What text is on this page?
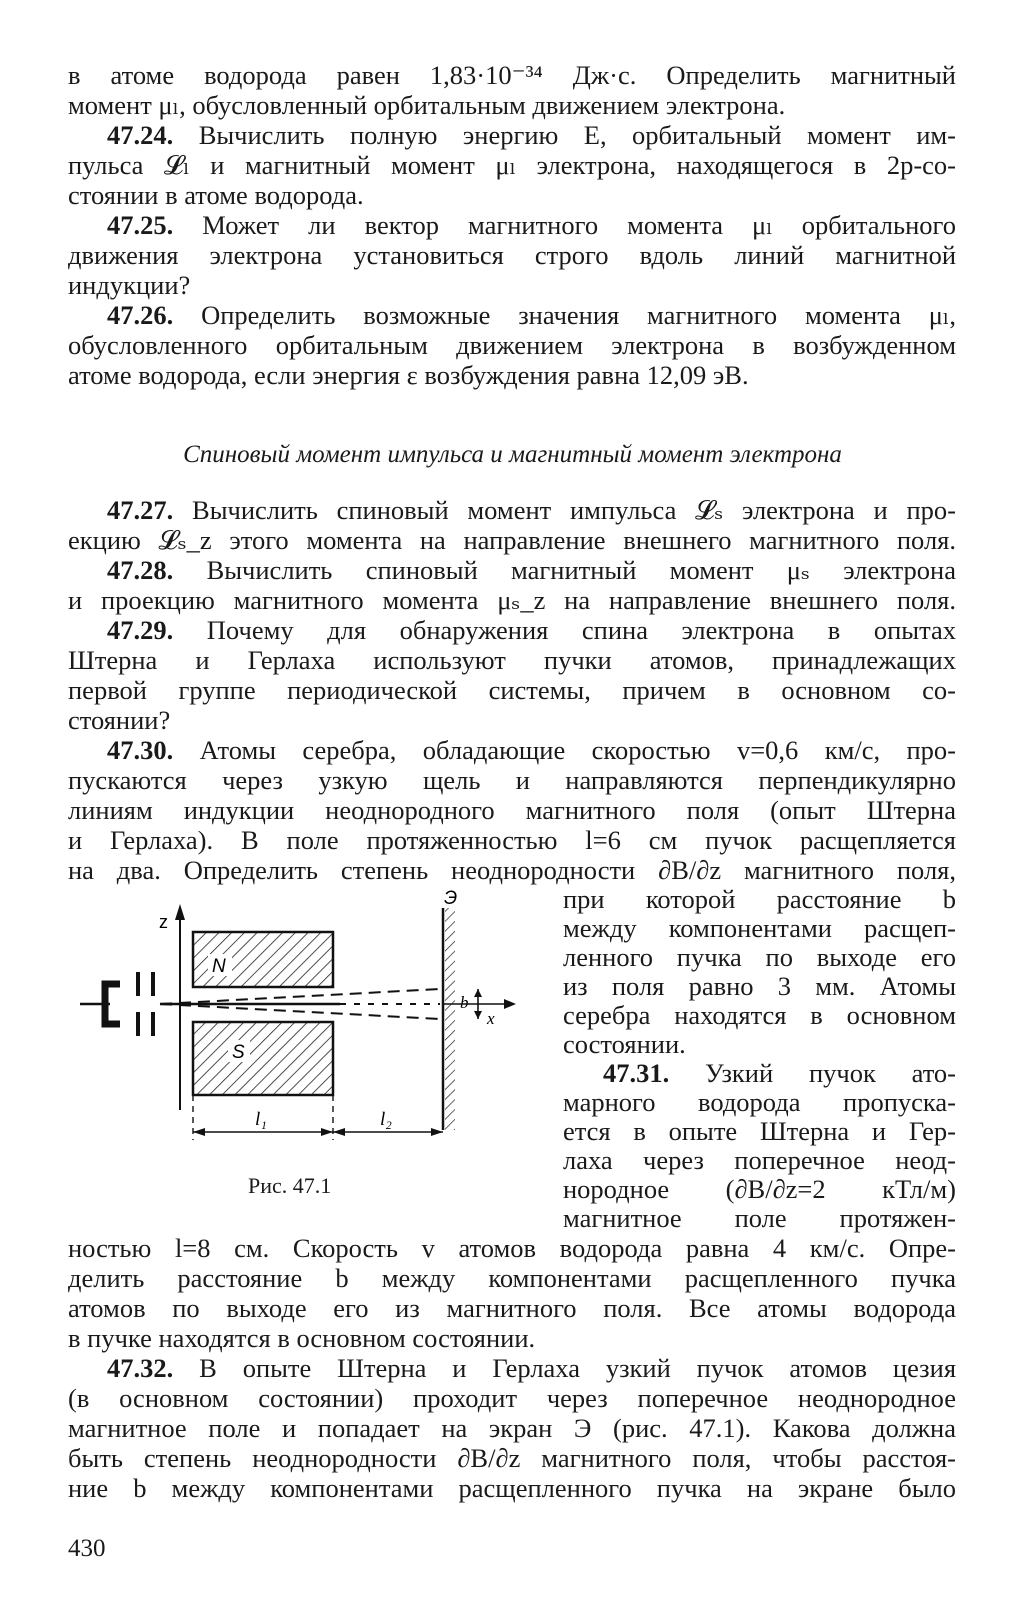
в атоме водорода равен 1,83·10⁻³⁴ Дж·с. Определить магнитный
момент μₗ, обусловленный орбитальным движением электрона.
47.24. Вычислить полную энергию E, орбитальный момент им-
пульса 𝓛ₗ и магнитный момент μₗ электрона, находящегося в 2p-со-
стоянии в атоме водорода.
47.25. Может ли вектор магнитного момента μₗ орбитального
движения электрона установиться строго вдоль линий магнитной
индукции?
47.26. Определить возможные значения магнитного момента μₗ,
обусловленного орбитальным движением электрона в возбужденном
атоме водорода, если энергия ε возбуждения равна 12,09 эВ.
Спиновый момент импульса и магнитный момент электрона
47.27. Вычислить спиновый момент импульса 𝓛ₛ электрона и про-
екцию 𝓛ₛ_z этого момента на направление внешнего магнитного поля.
47.28. Вычислить спиновый магнитный момент μₛ электрона
и проекцию магнитного момента μₛ_z на направление внешнего поля.
47.29. Почему для обнаружения спина электрона в опытах
Штерна и Герлаха используют пучки атомов, принадлежащих
первой группе периодической системы, причем в основном со-
стоянии?
47.30. Атомы серебра, обладающие скоростью v=0,6 км/с, про-
пускаются через узкую щель и направляются перпендикулярно
линиям индукции неоднородного магнитного поля (опыт Штерна
и Герлаха). В поле протяженностью l=6 см пучок расщепляется
на два. Определить степень неоднородности ∂B/∂z магнитного поля,
при которой расстояние b
между компонентами расщеп-
ленного пучка по выходе его
из поля равно 3 мм. Атомы
серебра находятся в основном
состоянии.
47.31. Узкий пучок ато-
марного водорода пропуска-
ется в опыте Штерна и Гер-
лаха через поперечное неод-
нородное (∂B/∂z=2 кТл/м)
магнитное поле протяжен-
z
N
S
Э
b
x
l₁	l₂
Рис. 47.1
ностью l=8 см. Скорость v атомов водорода равна 4 км/с. Опре-
делить расстояние b между компонентами расщепленного пучка
атомов по выходе его из магнитного поля. Все атомы водорода
в пучке находятся в основном состоянии.
47.32. В опыте Штерна и Герлаха узкий пучок атомов цезия
(в основном состоянии) проходит через поперечное неоднородное
магнитное поле и попадает на экран Э (рис. 47.1). Какова должна
быть степень неоднородности ∂B/∂z магнитного поля, чтобы расстоя-
ние b между компонентами расщепленного пучка на экране было
430
